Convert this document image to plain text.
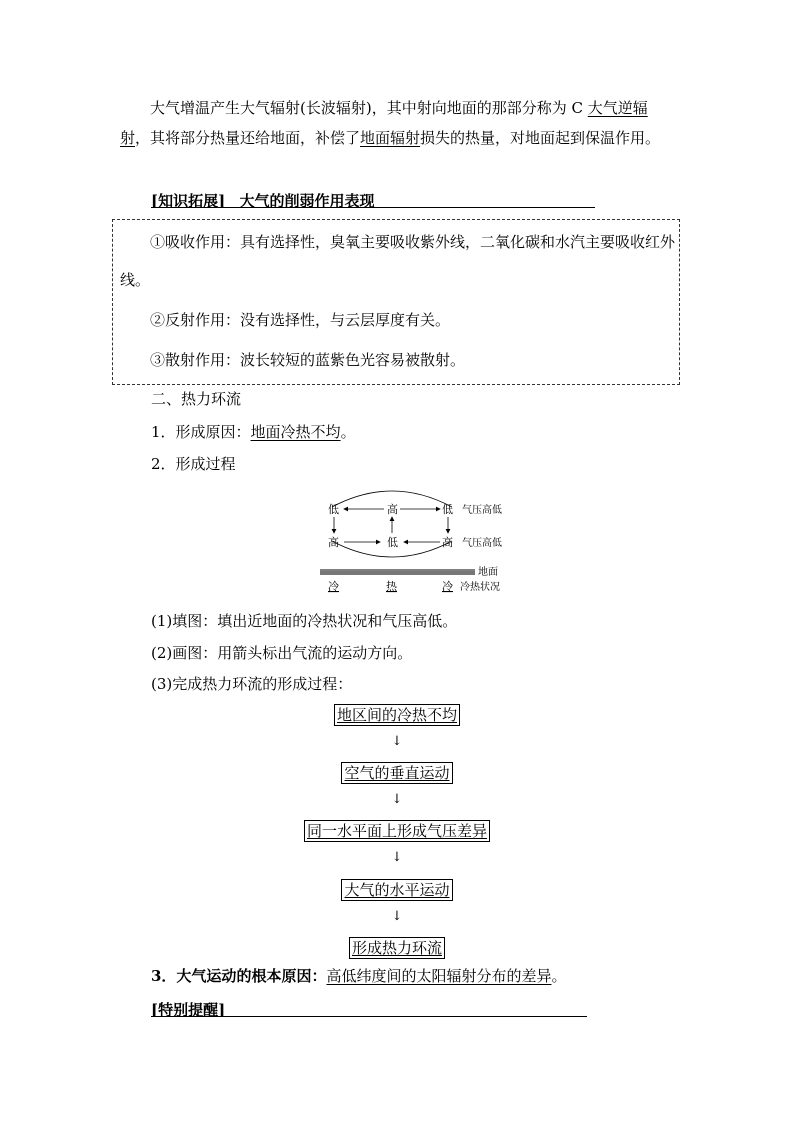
大气增温产生大气辐射(长波辐射)，其中射向地面的那部分称为 C 大气逆辐射，其将部分热量还给地面，补偿了地面辐射损失的热量，对地面起到保温作用。

[知识拓展] 大气的削弱作用表现

①吸收作用：具有选择性，臭氧主要吸收紫外线，二氧化碳和水汽主要吸收红外线。

②反射作用：没有选择性，与云层厚度有关。

③散射作用：波长较短的蓝紫色光容易被散射。

二、热力环流
1．形成原因：地面冷热不均。
2．形成过程
低	高	低 气压高低
高	低	高 气压高低
地面
冷	热	冷 冷热状况
(1)填图：填出近地面的冷热状况和气压高低。
(2)画图：用箭头标出气流的运动方向。
(3)完成热力环流的形成过程：
地区间的冷热不均
↓
空气的垂直运动
↓
同一水平面上形成气压差异
↓
大气的水平运动
↓
形成热力环流
3．大气运动的根本原因：高低纬度间的太阳辐射分布的差异。
[特别提醒]
